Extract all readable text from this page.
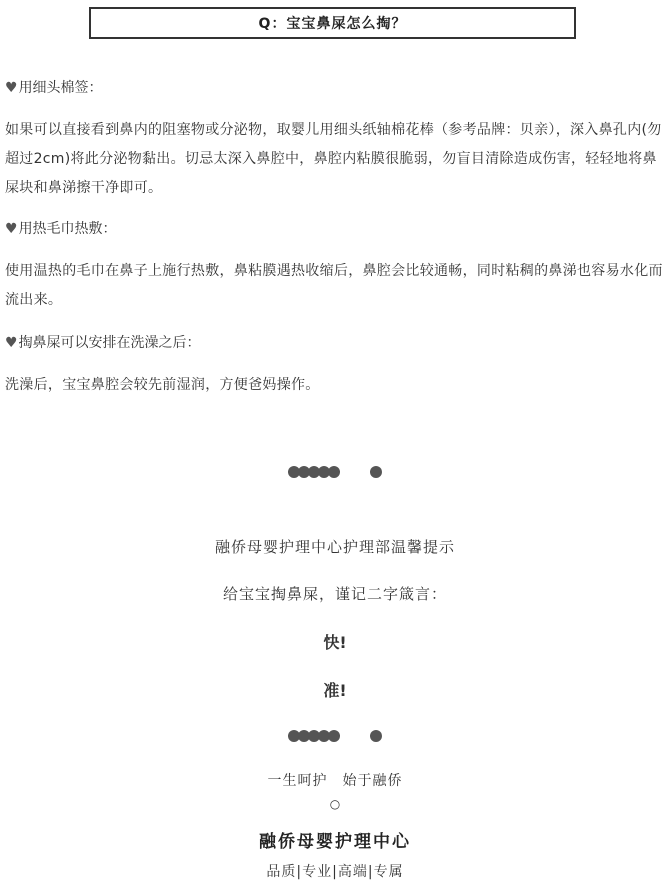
Q：宝宝鼻屎怎么掏？
♥用细头棉签：
如果可以直接看到鼻内的阻塞物或分泌物，取婴儿用细头纸轴棉花棒（参考品牌：贝亲），深入鼻孔内(勿超过2cm)将此分泌物黏出。切忌太深入鼻腔中，鼻腔内粘膜很脆弱，勿盲目清除造成伤害，轻轻地将鼻屎块和鼻涕擦干净即可。
♥用热毛巾热敷：
使用温热的毛巾在鼻子上施行热敷，鼻粘膜遇热收缩后，鼻腔会比较通畅，同时粘稠的鼻涕也容易水化而流出来。
♥掏鼻屎可以安排在洗澡之后：
洗澡后，宝宝鼻腔会较先前湿润，方便爸妈操作。
融侨母婴护理中心护理部温馨提示
给宝宝掏鼻屎，谨记二字箴言：
快!
准!
一生呵护　始于融侨
○
融侨母婴护理中心
品质|专业|高端|专属
